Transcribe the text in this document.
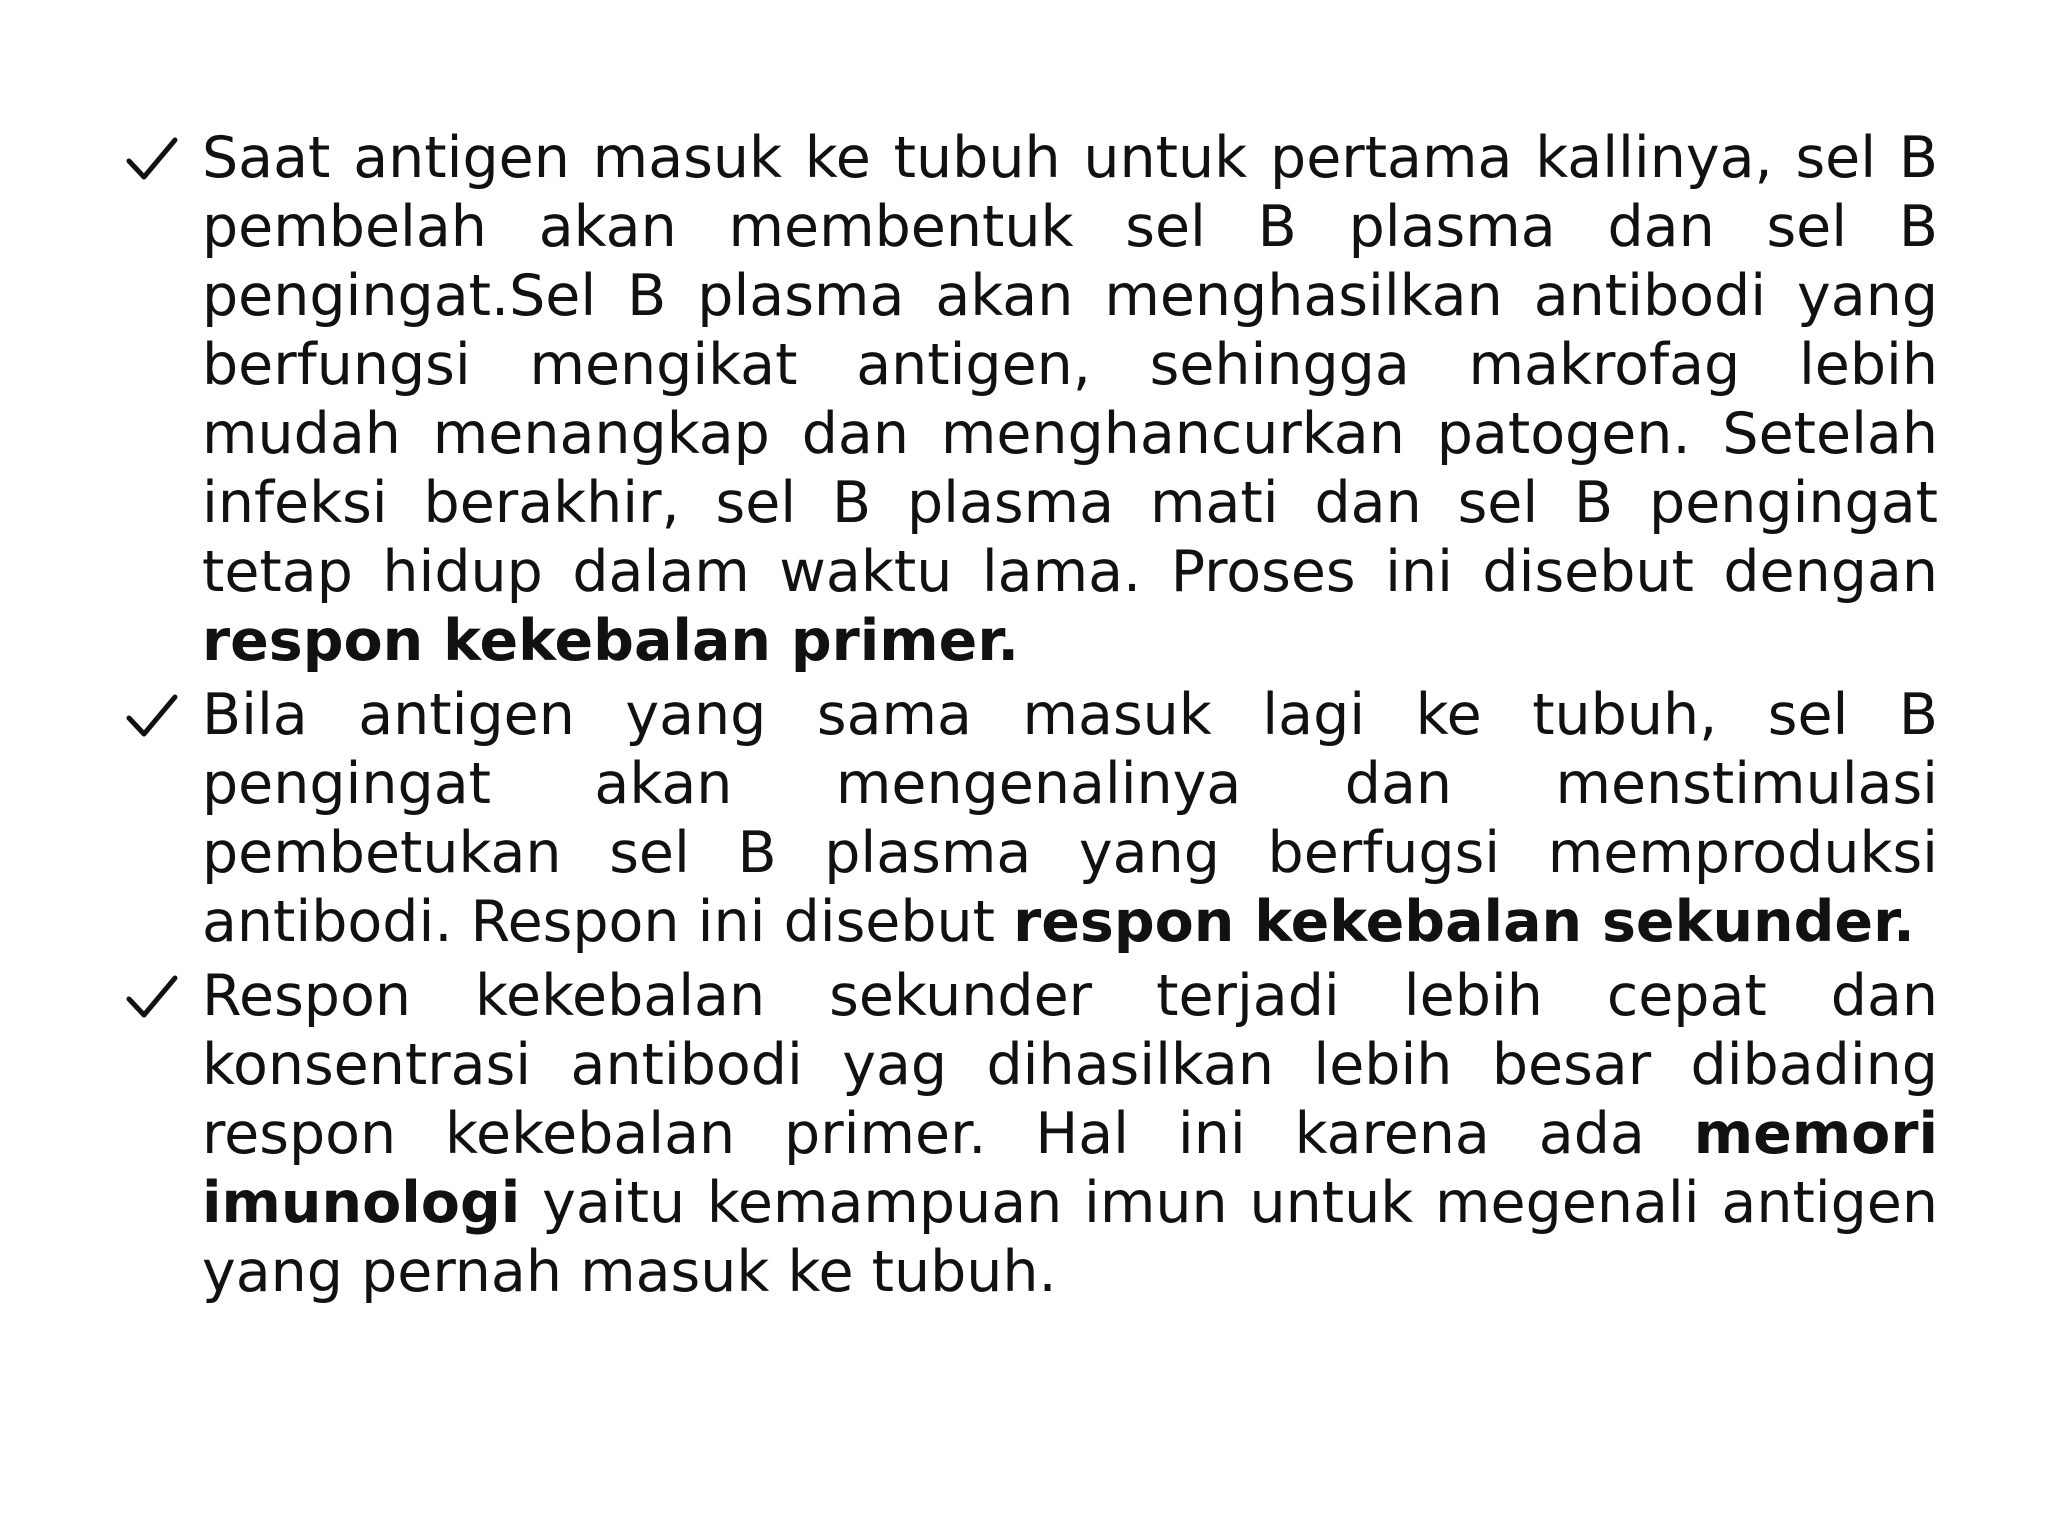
Saat antigen masuk ke tubuh untuk pertama kallinya, sel B pembelah akan membentuk sel B plasma dan sel B pengingat.Sel B plasma akan menghasilkan antibodi yang berfungsi mengikat antigen, sehingga makrofag lebih mudah menangkap dan menghancurkan patogen. Setelah infeksi berakhir, sel B plasma mati dan sel B pengingat tetap hidup dalam waktu lama. Proses ini disebut dengan respon kekebalan primer.
Bila antigen yang sama masuk lagi ke tubuh, sel B pengingat akan mengenalinya dan menstimulasi pembetukan sel B plasma yang berfugsi memproduksi antibodi. Respon ini disebut respon kekebalan sekunder.
Respon kekebalan sekunder terjadi lebih cepat dan konsentrasi antibodi yag dihasilkan lebih besar dibading respon kekebalan primer. Hal ini karena ada memori imunologi yaitu kemampuan imun untuk megenali antigen yang pernah masuk ke tubuh.
